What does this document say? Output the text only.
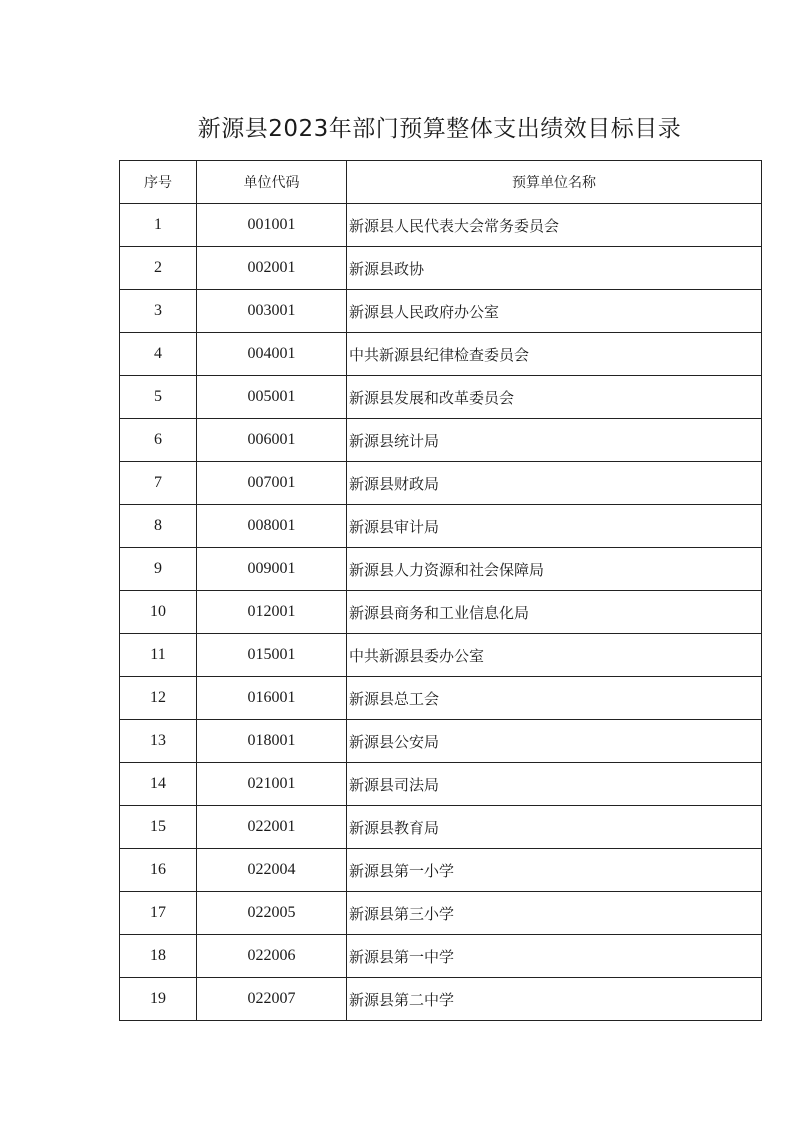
新源县2023年部门预算整体支出绩效目标目录
序号	单位代码	预算单位名称
1	001001	新源县人民代表大会常务委员会
2	002001	新源县政协
3	003001	新源县人民政府办公室
4	004001	中共新源县纪律检查委员会
5	005001	新源县发展和改革委员会
6	006001	新源县统计局
7	007001	新源县财政局
8	008001	新源县审计局
9	009001	新源县人力资源和社会保障局
10	012001	新源县商务和工业信息化局
11	015001	中共新源县委办公室
12	016001	新源县总工会
13	018001	新源县公安局
14	021001	新源县司法局
15	022001	新源县教育局
16	022004	新源县第一小学
17	022005	新源县第三小学
18	022006	新源县第一中学
19	022007	新源县第二中学
